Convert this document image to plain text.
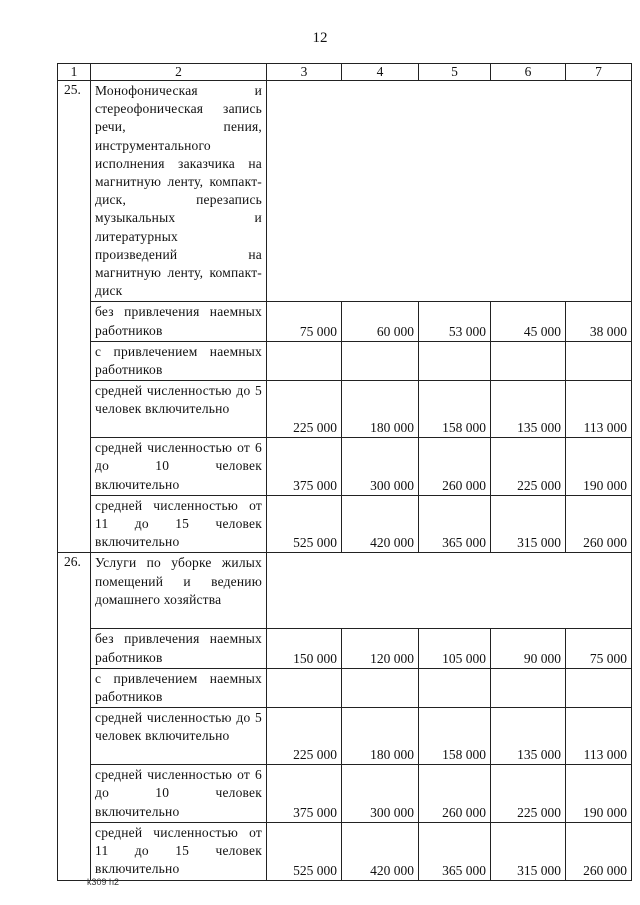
12
1	2	3	4	5	6	7
25.	Монофоническая и стереофоническая запись речи, пения, инструментального исполнения заказчика на магнитную ленту, компакт-диск, перезапись музыкальных и литературных произведений на магнитную ленту, компакт-диск					
	без привлечения наемных работников	75 000	60 000	53 000	45 000	38 000
	с привлечением наемных работников					
	средней численностью до 5 человек включительно	225 000	180 000	158 000	135 000	113 000
	средней численностью от 6 до 10 человек включительно	375 000	300 000	260 000	225 000	190 000
	средней численностью от 11 до 15 человек включительно	525 000	420 000	365 000	315 000	260 000
26.	Услуги по уборке жилых помещений и ведению домашнего хозяйства					
	без привлечения наемных работников	150 000	120 000	105 000	90 000	75 000
	с привлечением наемных работников					
	средней численностью до 5 человек включительно	225 000	180 000	158 000	135 000	113 000
	средней численностью от 6 до 10 человек включительно	375 000	300 000	260 000	225 000	190 000
	средней численностью от 11 до 15 человек включительно	525 000	420 000	365 000	315 000	260 000
k309 h2
